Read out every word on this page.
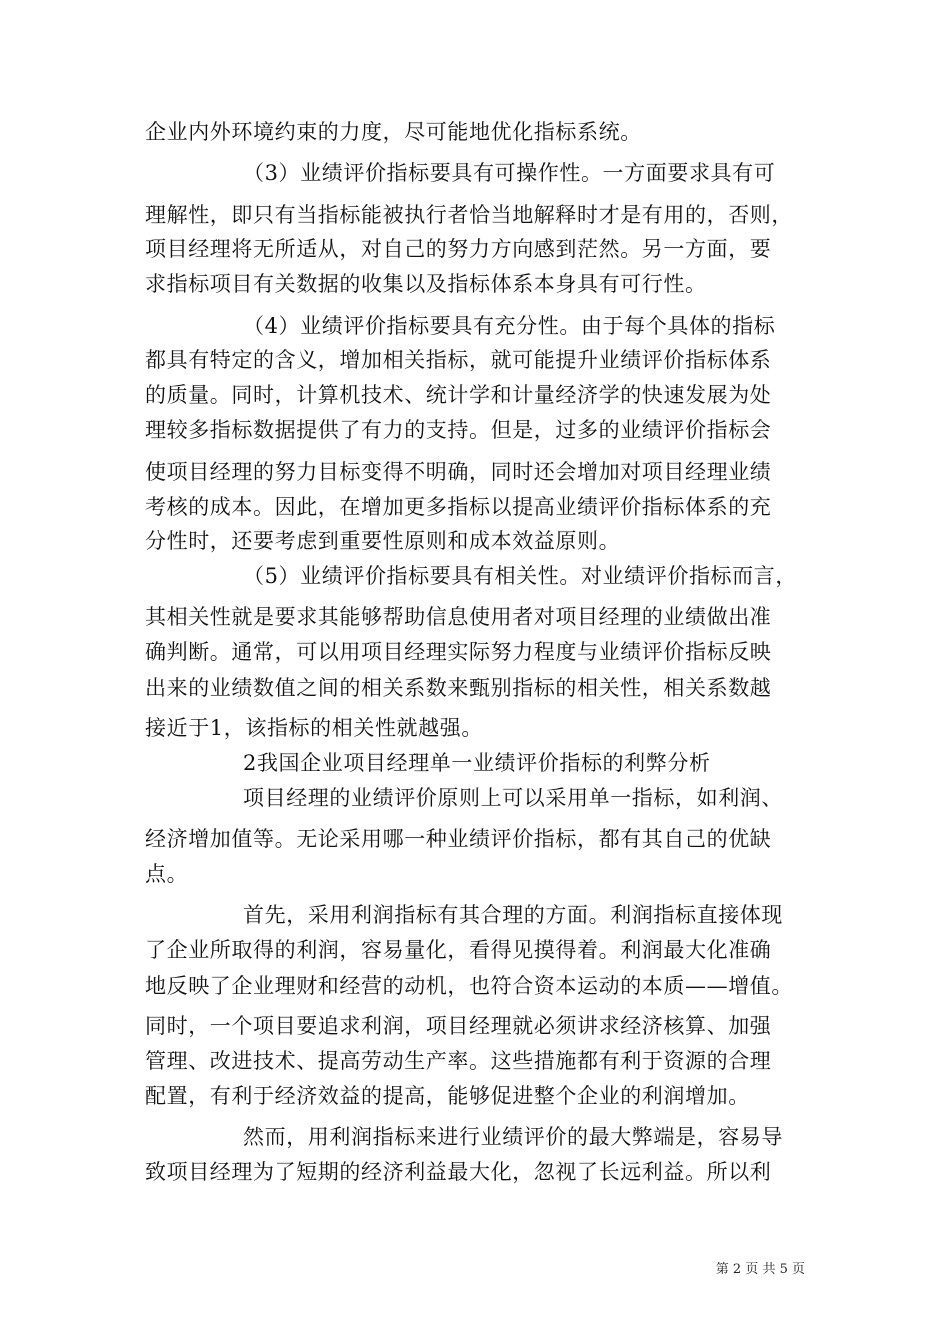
企业内外环境约束的力度，尽可能地优化指标系统。
（3）业绩评价指标要具有可操作性。一方面要求具有可
理解性，即只有当指标能被执行者恰当地解释时才是有用的，否则，
项目经理将无所适从，对自己的努力方向感到茫然。另一方面，要
求指标项目有关数据的收集以及指标体系本身具有可行性。
（4）业绩评价指标要具有充分性。由于每个具体的指标
都具有特定的含义，增加相关指标，就可能提升业绩评价指标体系
的质量。同时，计算机技术、统计学和计量经济学的快速发展为处
理较多指标数据提供了有力的支持。但是，过多的业绩评价指标会
使项目经理的努力目标变得不明确，同时还会增加对项目经理业绩
考核的成本。因此，在增加更多指标以提高业绩评价指标体系的充
分性时，还要考虑到重要性原则和成本效益原则。
（5）业绩评价指标要具有相关性。对业绩评价指标而言，
其相关性就是要求其能够帮助信息使用者对项目经理的业绩做出准
确判断。通常，可以用项目经理实际努力程度与业绩评价指标反映
出来的业绩数值之间的相关系数来甄别指标的相关性，相关系数越
接近于1，该指标的相关性就越强。
2我国企业项目经理单一业绩评价指标的利弊分析
项目经理的业绩评价原则上可以采用单一指标，如利润、
经济增加值等。无论采用哪一种业绩评价指标，都有其自己的优缺
点。
首先，采用利润指标有其合理的方面。利润指标直接体现
了企业所取得的利润，容易量化，看得见摸得着。利润最大化准确
地反映了企业理财和经营的动机，也符合资本运动的本质——增值。
同时，一个项目要追求利润，项目经理就必须讲求经济核算、加强
管理、改进技术、提高劳动生产率。这些措施都有利于资源的合理
配置，有利于经济效益的提高，能够促进整个企业的利润增加。
然而，用利润指标来进行业绩评价的最大弊端是，容易导
致项目经理为了短期的经济利益最大化，忽视了长远利益。所以利
第 2 页 共 5 页
